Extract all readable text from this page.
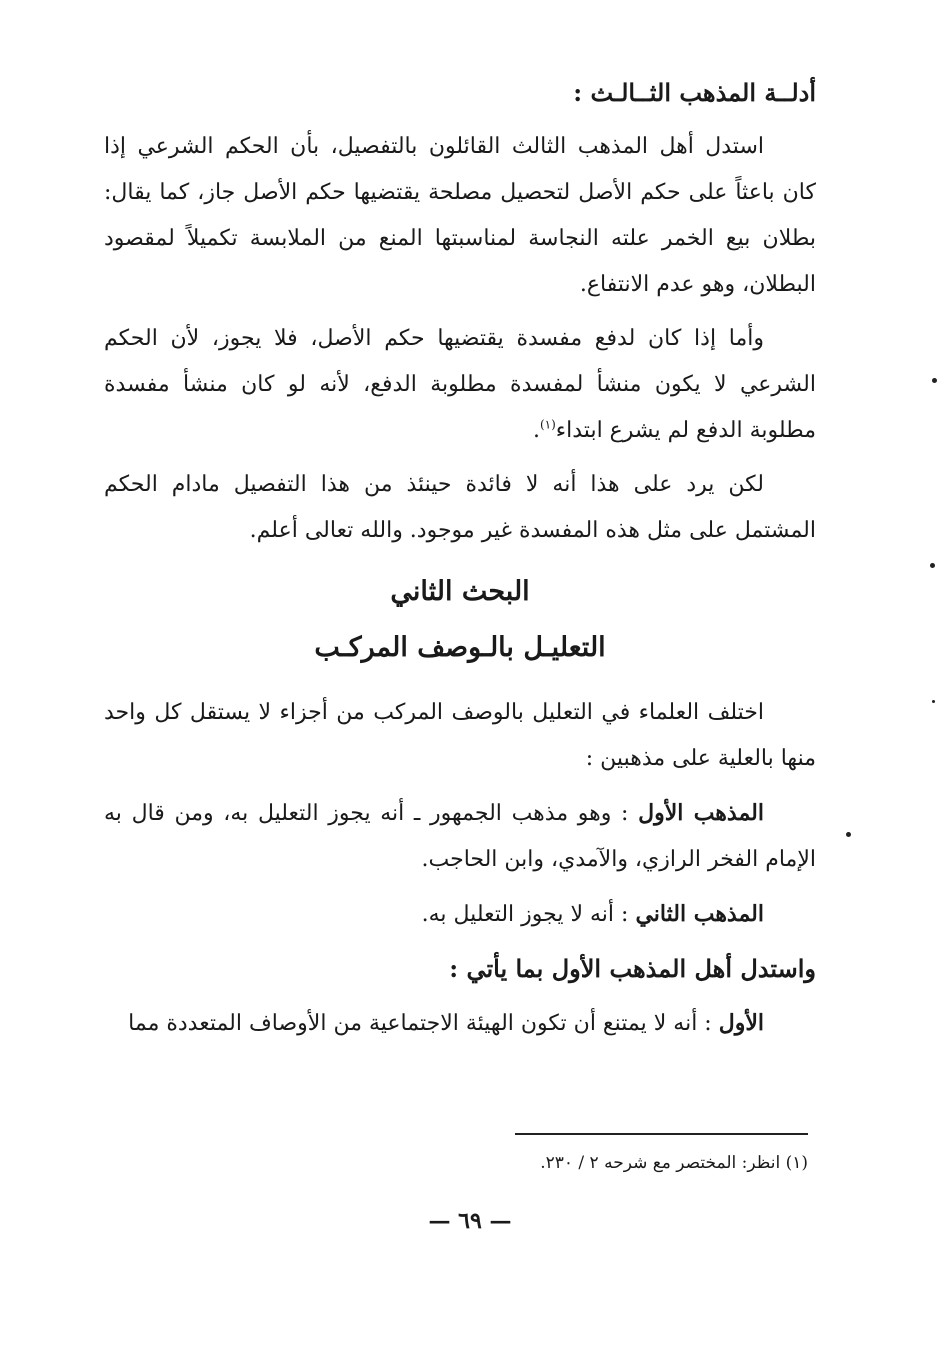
أدلــة المذهب الثــالـث :

استدل أهل المذهب الثالث القائلون بالتفصيل، بأن الحكم الشرعي إذا كان باعثاً على حكم الأصل لتحصيل مصلحة يقتضيها حكم الأصل جاز، كما يقال: بطلان بيع الخمر علته النجاسة لمناسبتها المنع من الملابسة تكميلاً لمقصود البطلان، وهو عدم الانتفاع.

وأما إذا كان لدفع مفسدة يقتضيها حكم الأصل، فلا يجوز، لأن الحكم الشرعي لا يكون منشأ لمفسدة مطلوبة الدفع، لأنه لو كان منشأ مفسدة مطلوبة الدفع لم يشرع ابتداء$^{(١)}$.

لكن يرد على هذا أنه لا فائدة حينئذ من هذا التفصيل مادام الحكم المشتمل على مثل هذه المفسدة غير موجود. والله تعالى أعلم.

البحث الثاني
التعليـل بالـوصف المركـب

اختلف العلماء في التعليل بالوصف المركب من أجزاء لا يستقل كل واحد منها بالعلية على مذهبين :

المذهب الأول : وهو مذهب الجمهور ـ أنه يجوز التعليل به، ومن قال به الإمام الفخر الرازي، والآمدي، وابن الحاجب.

المذهب الثاني : أنه لا يجوز التعليل به.

واستدل أهل المذهب الأول بما يأتي :

الأول : أنه لا يمتنع أن تكون الهيئة الاجتماعية من الأوصاف المتعددة مما

(١) انظر: المختصر مع شرحه ٢ / ٢٣٠.
— ٦٩ —
